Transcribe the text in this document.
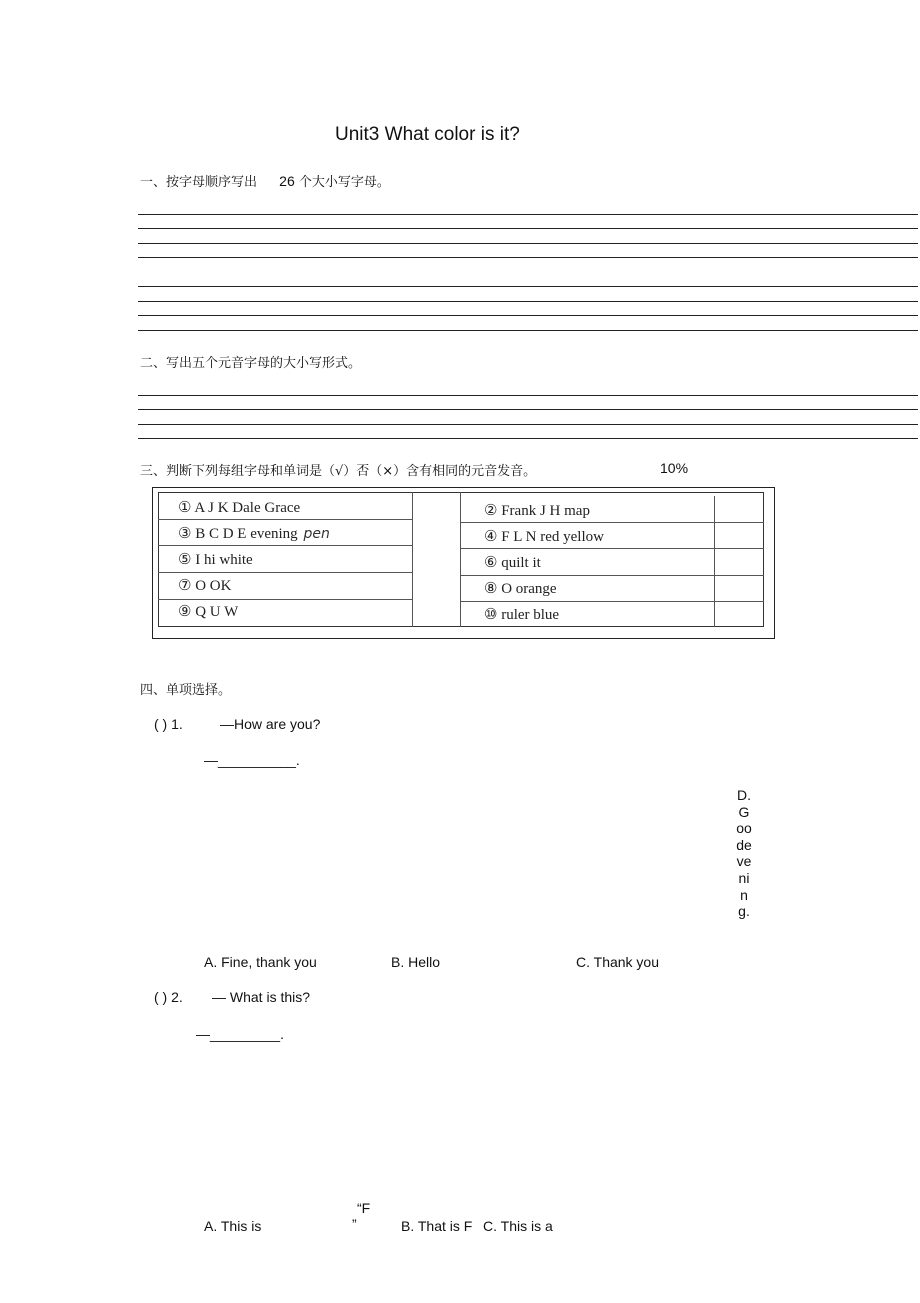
Unit3 What color is it?
一、按字母顺序写出 26 个大小写字母。
二、写出五个元音字母的大小写形式。
三、判断下列每组字母和单词是（√）否（×）含有相同的元音发音。	10%
① A J K Dale Grace	② Frank J H map
③ B C D E evening pen	④ F L N red yellow
⑤ I hi white	⑥ quilt it
⑦ O OK	⑧ O orange
⑨ Q U W	⑩ ruler blue
四、单项选择。
( ) 1.	—How are you?
—__________.
D.Goodevening.
A. Fine, thank you	B. Hello	C. Thank you
( ) 2. — What is this?
—_________.
“F
”
A. This is	B. That is F C. This is a
